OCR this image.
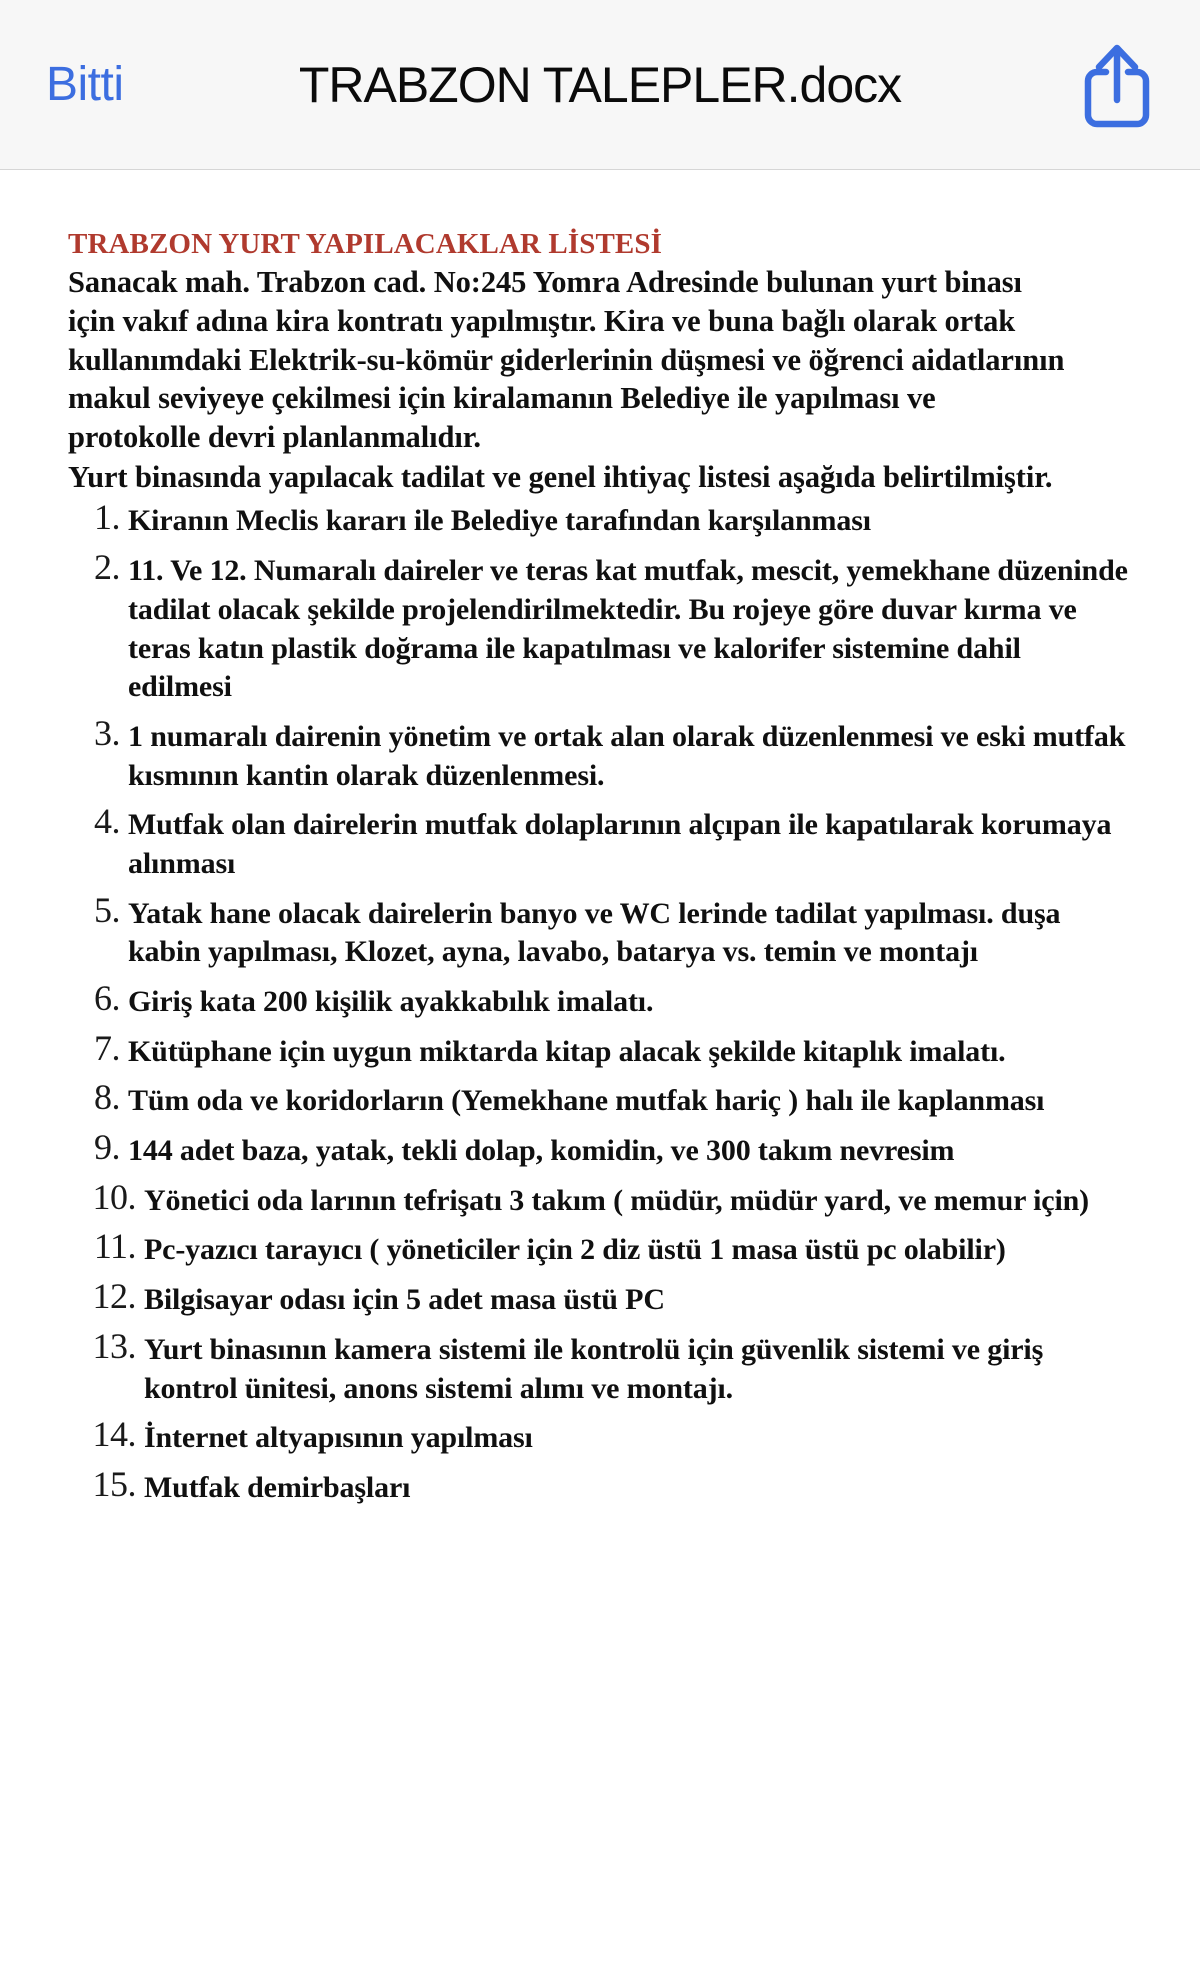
Bitti	TRABZON TALEPLER.docx
TRABZON YURT YAPILACAKLAR LİSTESİ

Sanacak mah. Trabzon cad. No:245 Yomra Adresinde bulunan yurt binası için vakıf adına kira kontratı yapılmıştır. Kira ve buna bağlı olarak ortak kullanımdaki Elektrik-su-kömür giderlerinin düşmesi ve öğrenci aidatlarının makul seviyeye çekilmesi için kiralamanın Belediye ile yapılması ve protokolle devri planlanmalıdır.

Yurt binasında yapılacak tadilat ve genel ihtiyaç listesi aşağıda belirtilmiştir.
Kiranın Meclis kararı ile Belediye tarafından karşılanması
11. Ve 12. Numaralı daireler ve teras kat mutfak, mescit, yemekhane düzeninde tadilat olacak şekilde projelendirilmektedir. Bu rojeye göre duvar kırma ve teras katın plastik doğrama ile kapatılması ve kalorifer sistemine dahil edilmesi
1 numaralı dairenin yönetim ve ortak alan olarak düzenlenmesi ve eski mutfak kısmının kantin olarak düzenlenmesi.
Mutfak olan dairelerin mutfak dolaplarının alçıpan ile kapatılarak korumaya alınması
Yatak hane olacak dairelerin banyo ve WC lerinde tadilat yapılması. duşa kabin yapılması, Klozet, ayna, lavabo, batarya vs. temin ve montajı
Giriş kata 200 kişilik ayakkabılık imalatı.
Kütüphane için uygun miktarda kitap alacak şekilde kitaplık imalatı.
Tüm oda ve koridorların (Yemekhane mutfak hariç ) halı ile kaplanması
144 adet baza, yatak, tekli dolap, komidin, ve 300 takım nevresim
Yönetici oda larının tefrişatı 3 takım ( müdür, müdür yard, ve memur için)
Pc-yazıcı tarayıcı ( yöneticiler için 2 diz üstü 1 masa üstü pc olabilir)
Bilgisayar odası için 5 adet masa üstü PC
Yurt binasının kamera sistemi ile kontrolü için güvenlik sistemi ve giriş kontrol ünitesi, anons sistemi alımı ve montajı.
İnternet altyapısının yapılması
Mutfak demirbaşları
